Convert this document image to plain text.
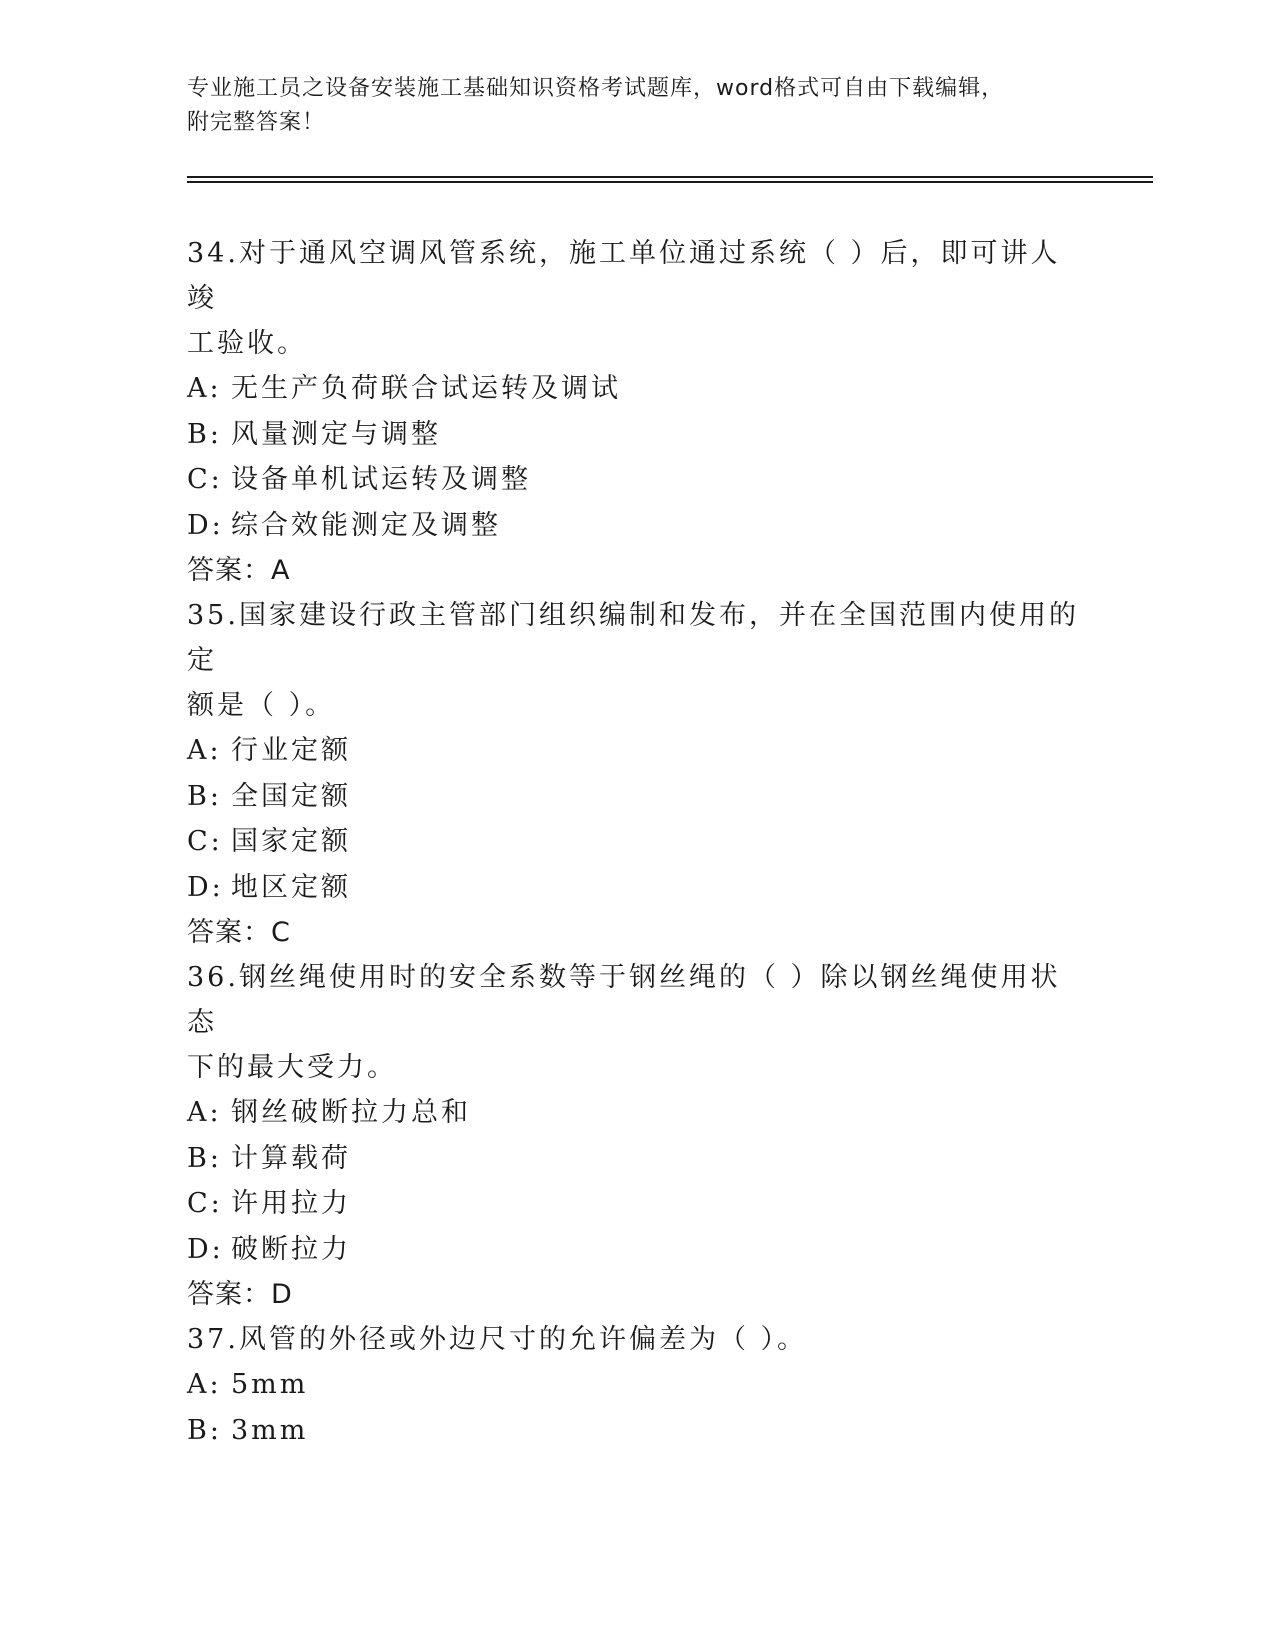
专业施工员之设备安装施工基础知识资格考试题库，word格式可自由下载编辑，
附完整答案！

34.对于通风空调风管系统，施工单位通过系统（ ）后，即可讲人竣
工验收。

A: 无生产负荷联合试运转及调试

B: 风量测定与调整

C: 设备单机试运转及调整

D: 综合效能测定及调整

答案：A

35.国家建设行政主管部门组织编制和发布，并在全国范围内使用的定
额是（ ）。

A: 行业定额

B: 全国定额

C: 国家定额

D: 地区定额

答案：C

36.钢丝绳使用时的安全系数等于钢丝绳的（ ）除以钢丝绳使用状态
下的最大受力。

A: 钢丝破断拉力总和

B: 计算载荷

C: 许用拉力

D: 破断拉力

答案：D

37.风管的外径或外边尺寸的允许偏差为（ ）。

A: 5mm

B: 3mm
